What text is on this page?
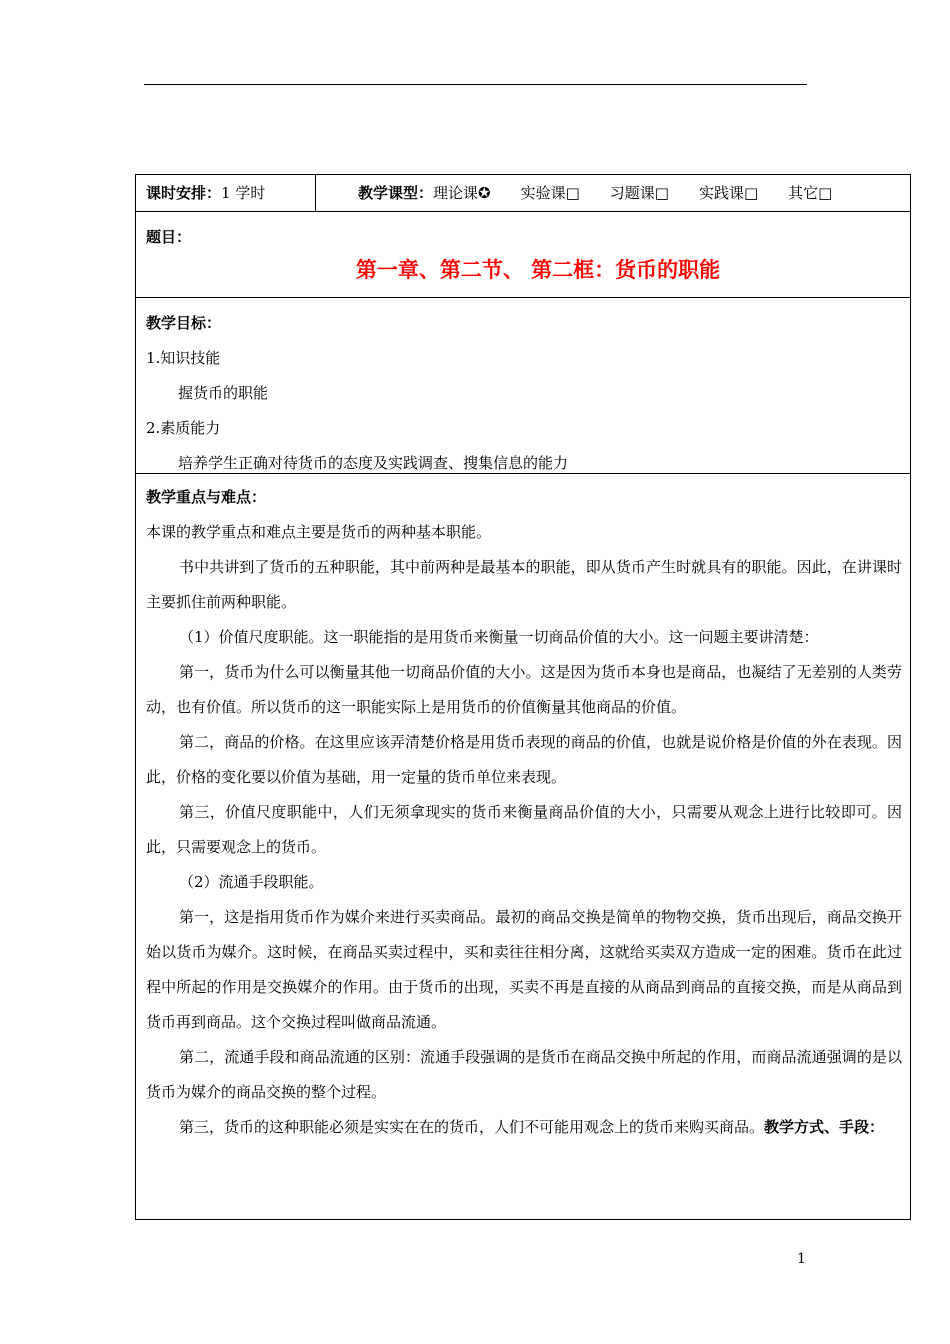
课时安排：1 学时	教学课型：理论课✪ 实验课□ 习题课□ 实践课□ 其它□
题目：
第一章、第二节、 第二框：货币的职能
教学目标：
1.知识技能
握货币的职能
2.素质能力
培养学生正确对待货币的态度及实践调查、搜集信息的能力
教学重点与难点：
本课的教学重点和难点主要是货币的两种基本职能。
书中共讲到了货币的五种职能，其中前两种是最基本的职能，即从货币产生时就具有的职能。因此，在讲课时主要抓住前两种职能。
（1）价值尺度职能。这一职能指的是用货币来衡量一切商品价值的大小。这一问题主要讲清楚：
第一，货币为什么可以衡量其他一切商品价值的大小。这是因为货币本身也是商品，也凝结了无差别的人类劳动，也有价值。所以货币的这一职能实际上是用货币的价值衡量其他商品的价值。
第二，商品的价格。在这里应该弄清楚价格是用货币表现的商品的价值，也就是说价格是价值的外在表现。因此，价格的变化要以价值为基础，用一定量的货币单位来表现。
第三，价值尺度职能中，人们无须拿现实的货币来衡量商品价值的大小，只需要从观念上进行比较即可。因此，只需要观念上的货币。
（2）流通手段职能。
第一，这是指用货币作为媒介来进行买卖商品。最初的商品交换是简单的物物交换，货币出现后，商品交换开始以货币为媒介。这时候，在商品买卖过程中，买和卖往往相分离，这就给买卖双方造成一定的困难。货币在此过程中所起的作用是交换媒介的作用。由于货币的出现，买卖不再是直接的从商品到商品的直接交换，而是从商品到货币再到商品。这个交换过程叫做商品流通。
第二，流通手段和商品流通的区别：流通手段强调的是货币在商品交换中所起的作用，而商品流通强调的是以货币为媒介的商品交换的整个过程。
第三，货币的这种职能必须是实实在在的货币，人们不可能用观念上的货币来购买商品。教学方式、手段：
1
